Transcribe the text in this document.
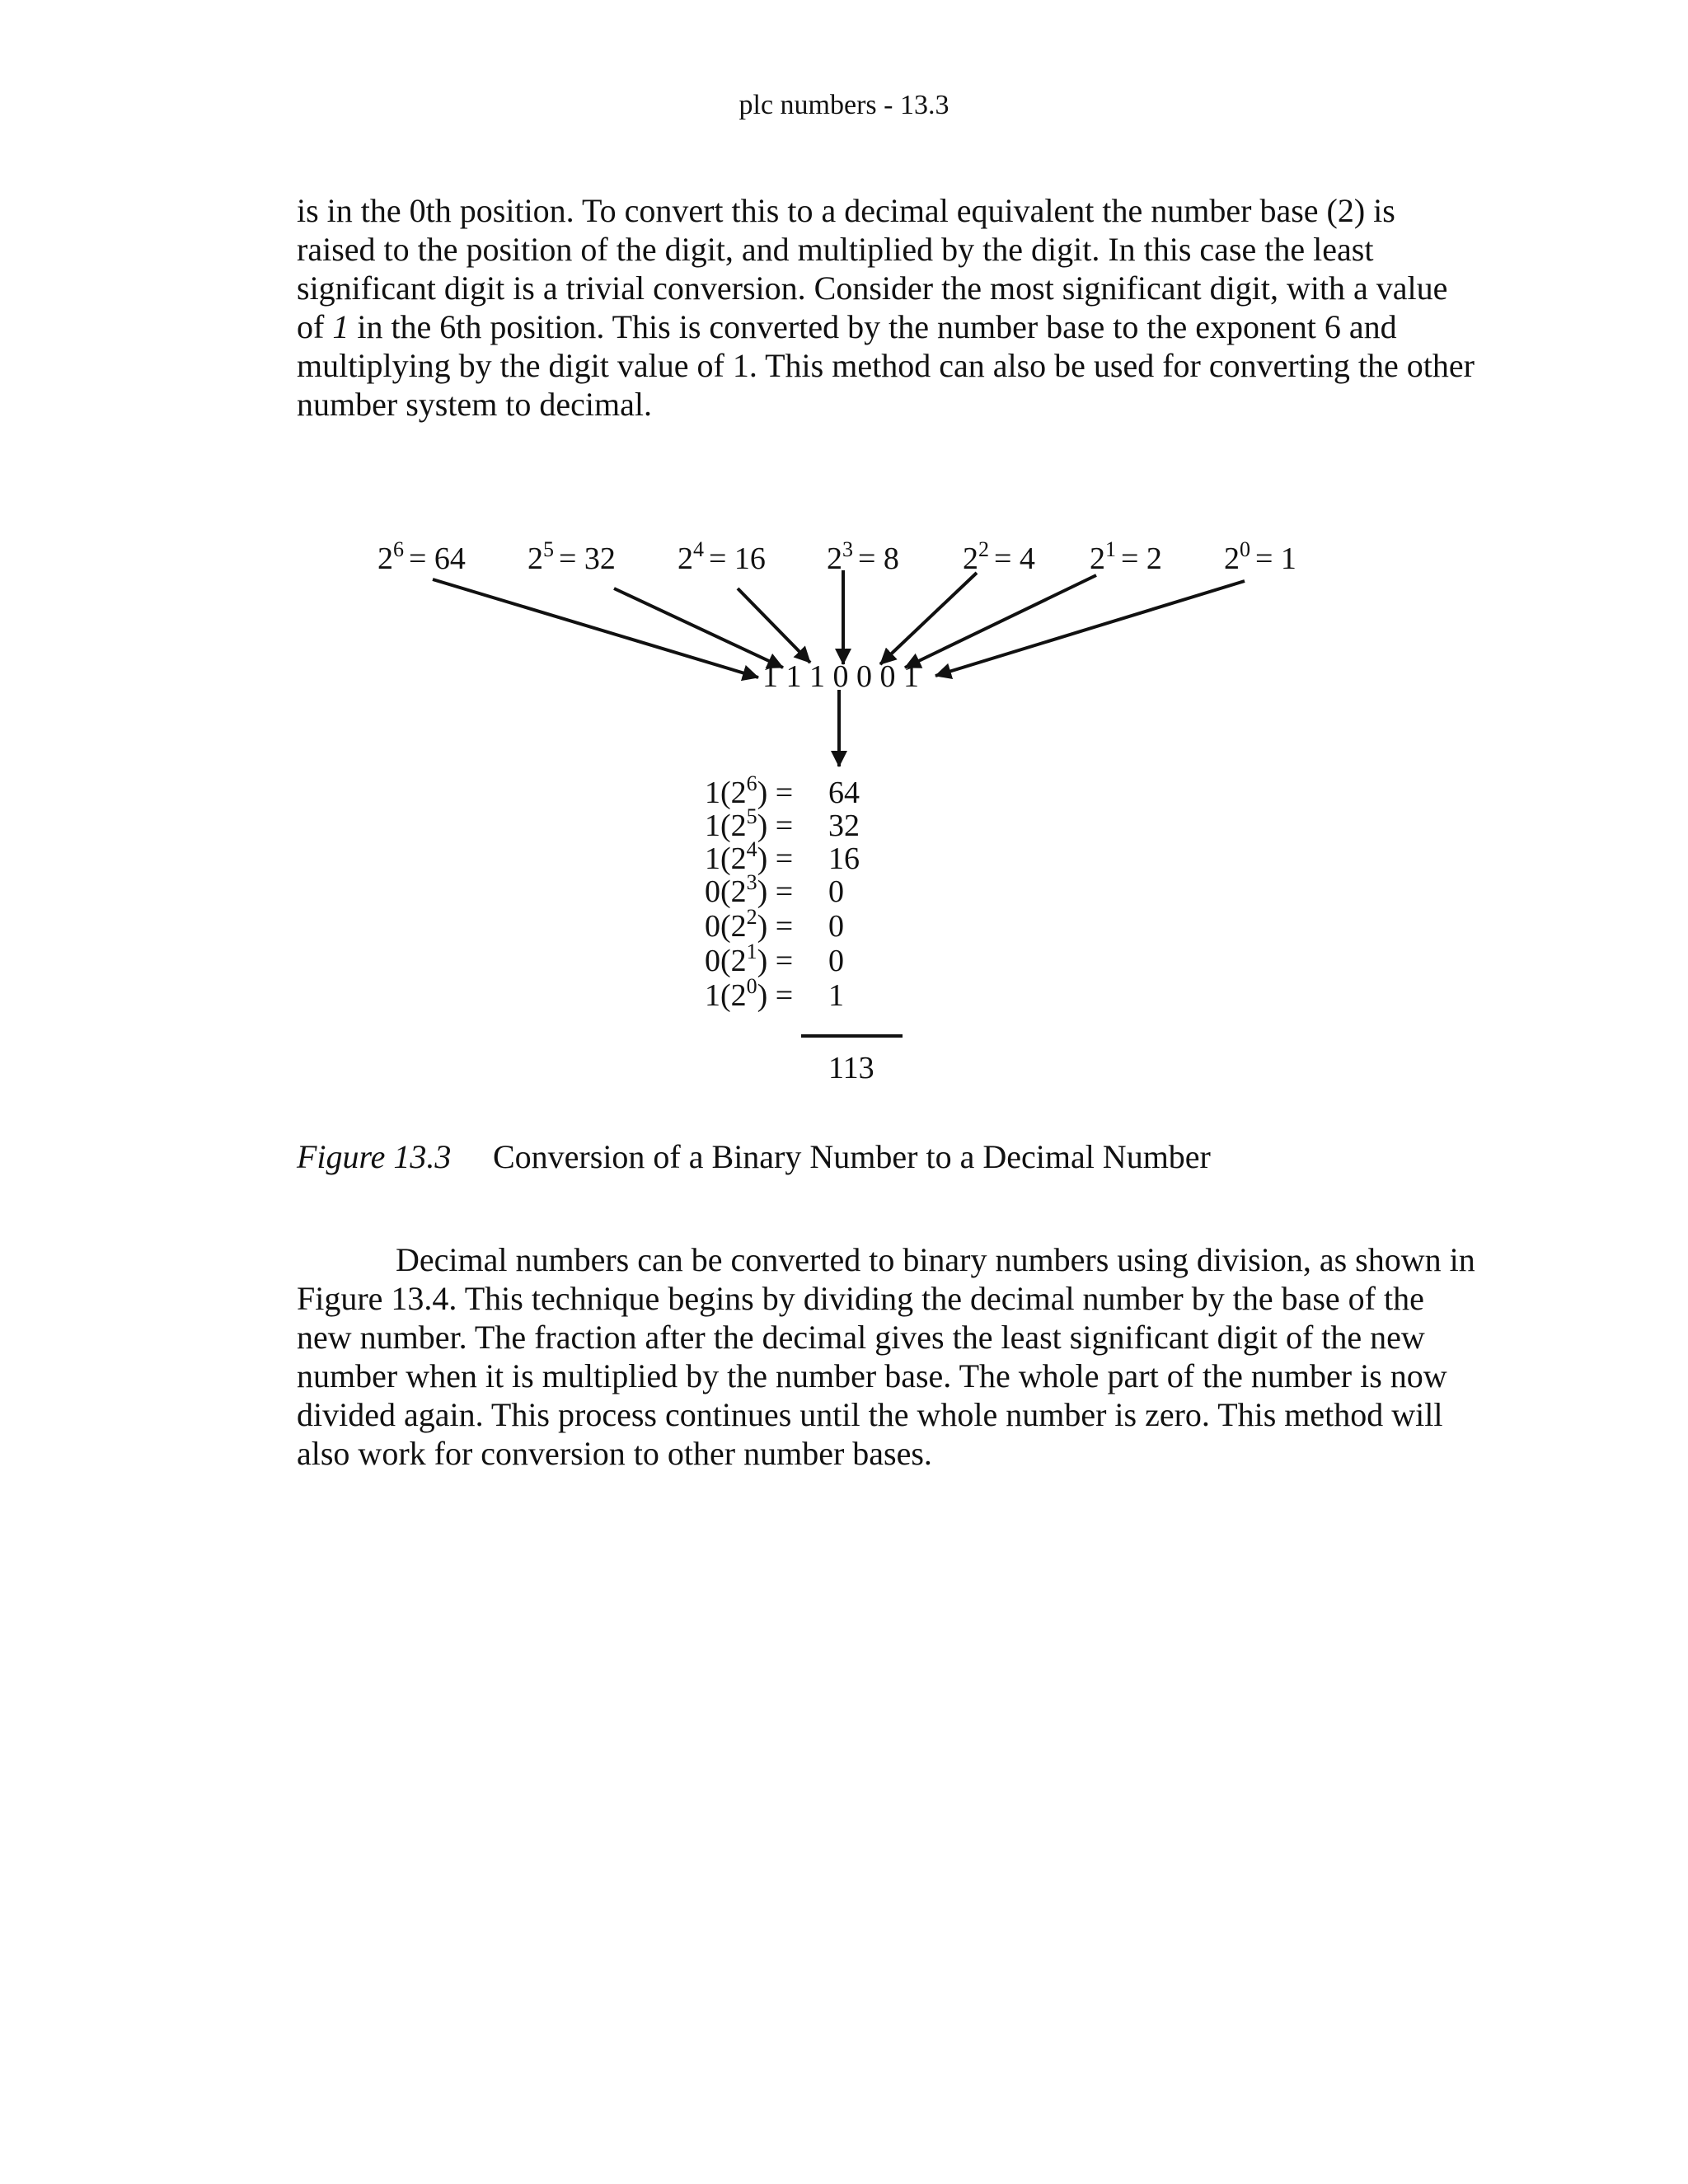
plc numbers - 13.3

is in the 0th position. To convert this to a decimal equivalent the number base (2) is raised to the position of the digit, and multiplied by the digit. In this case the least significant digit is a trivial conversion. Consider the most significant digit, with a value of 1 in the 6th position. This is converted by the number base to the exponent 6 and multiplying by the digit value of 1. This method can also be used for converting the other number system to decimal.

$2^6 = 64$ $2^5 = 32$ $2^4 = 16$ $2^3 = 8$ $2^2 = 4$ $2^1 = 2$ $2^0 = 1$
1 1 1 0 0 0 1
$1(2^6) = 64$
$1(2^5) = 32$
$1(2^4) = 16$
$0(2^3) = 0$
$0(2^2) = 0$
$0(2^1) = 0$
$1(2^0) = 1$
113
Figure 13.3 Conversion of a Binary Number to a Decimal Number

Decimal numbers can be converted to binary numbers using division, as shown in Figure 13.4. This technique begins by dividing the decimal number by the base of the new number. The fraction after the decimal gives the least significant digit of the new number when it is multiplied by the number base. The whole part of the number is now divided again. This process continues until the whole number is zero. This method will also work for conversion to other number bases.
